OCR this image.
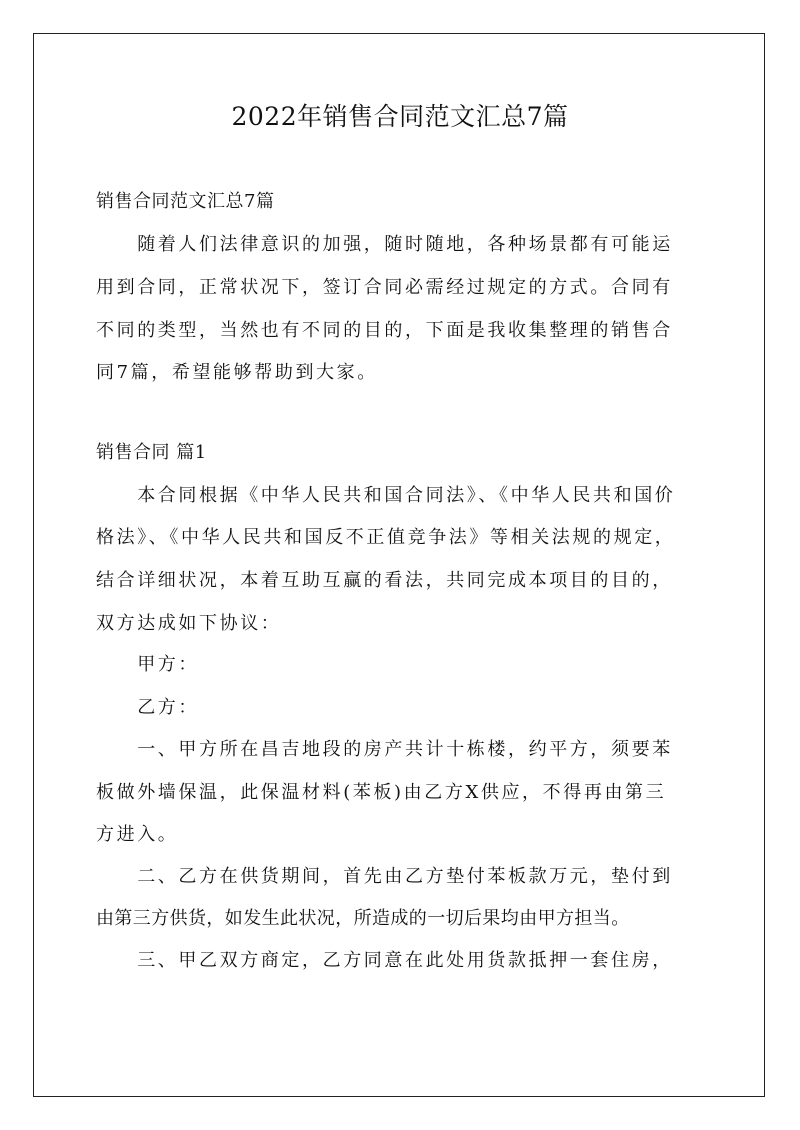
2022年销售合同范文汇总7篇
销售合同范文汇总7篇
　　随着人们法律意识的加强，随时随地，各种场景都有可能运
用到合同，正常状况下，签订合同必需经过规定的方式。合同有
不同的类型，当然也有不同的目的，下面是我收集整理的销售合
同7篇，希望能够帮助到大家。
销售合同 篇1
　　本合同根据《中华人民共和国合同法》、《中华人民共和国价
格法》、《中华人民共和国反不正值竞争法》等相关法规的规定，
结合详细状况，本着互助互赢的看法，共同完成本项目的目的，
双方达成如下协议：
　　甲方：
　　乙方：
　　一、甲方所在昌吉地段的房产共计十栋楼，约平方，须要苯
板做外墙保温，此保温材料(苯板)由乙方X供应，不得再由第三
方进入。
　　二、乙方在供货期间，首先由乙方垫付苯板款万元，垫付到
由第三方供货，如发生此状况，所造成的一切后果均由甲方担当。
　　三、甲乙双方商定，乙方同意在此处用货款抵押一套住房，
